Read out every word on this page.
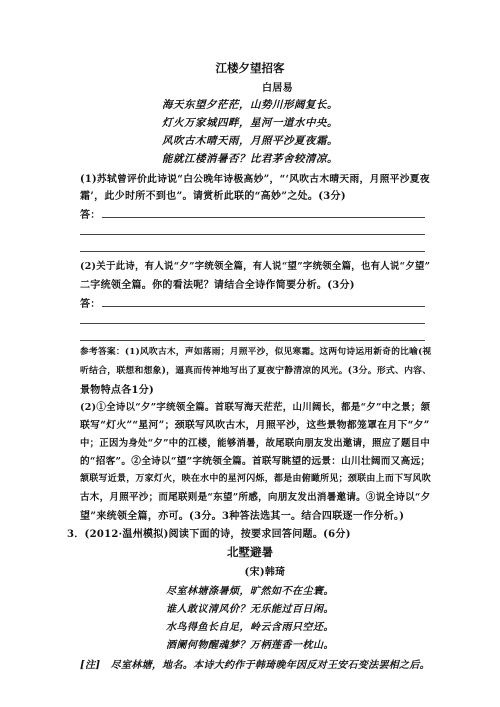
江楼夕望招客
白居易
海天东望夕茫茫，山势川形阔复长。
灯火万家城四畔，星河一道水中央。
风吹古木晴天雨，月照平沙夏夜霜。
能就江楼消暑否？比君茅舍较清凉。
(1)苏轼曾评价此诗说“白公晚年诗极高妙”，“‘风吹古木晴天雨，月照平沙夏夜
霜’，此少时所不到也”。请赏析此联的“高妙”之处。(3分)
答：
(2)关于此诗，有人说“夕”字统领全篇，有人说“望”字统领全篇，也有人说“夕望”
二字统领全篇。你的看法呢？请结合全诗作简要分析。(3分)
答：
参考答案：(1)风吹古木，声如落雨；月照平沙，似见寒霜。这两句诗运用新奇的比喻(视
听结合，联想和想象)，逼真而传神地写出了夏夜宁静清凉的风光。(3分。形式、内容、
景物特点各1分)
(2)①全诗以“夕”字统领全篇。首联写海天茫茫，山川阔长，都是“夕”中之景；颔
联写“灯火”“星河”；颈联写风吹古木，月照平沙，这些景物都笼罩在月下“夕”
中；正因为身处“夕”中的江楼，能够消暑，故尾联向朋友发出邀请，照应了题目中
的“招客”。②全诗以“望”字统领全篇。首联写眺望的远景：山川壮阔而又高远；
颔联写近景，万家灯火，映在水中的星河闪烁，都是由俯瞰所见；颈联由上而下写风吹
古木，月照平沙；而尾联则是“东望”所感，向朋友发出消暑邀请。③说全诗以“夕
望”来统领全篇，亦可。(3分。3种答法选其一。结合四联逐一作分析。)
3．(2012·温州模拟)阅读下面的诗，按要求回答问题。(6分)
北墅避暑
(宋)韩琦
尽室林塘涤暑烦，旷然如不在尘寰。
谁人敢议清风价？无乐能过百日闲。
水鸟得鱼长自足，岭云含雨只空还。
酒阑何物醒魂梦？万柄莲香一枕山。
[注]　尽室林塘，地名。本诗大约作于韩琦晚年因反对王安石变法罢相之后。
